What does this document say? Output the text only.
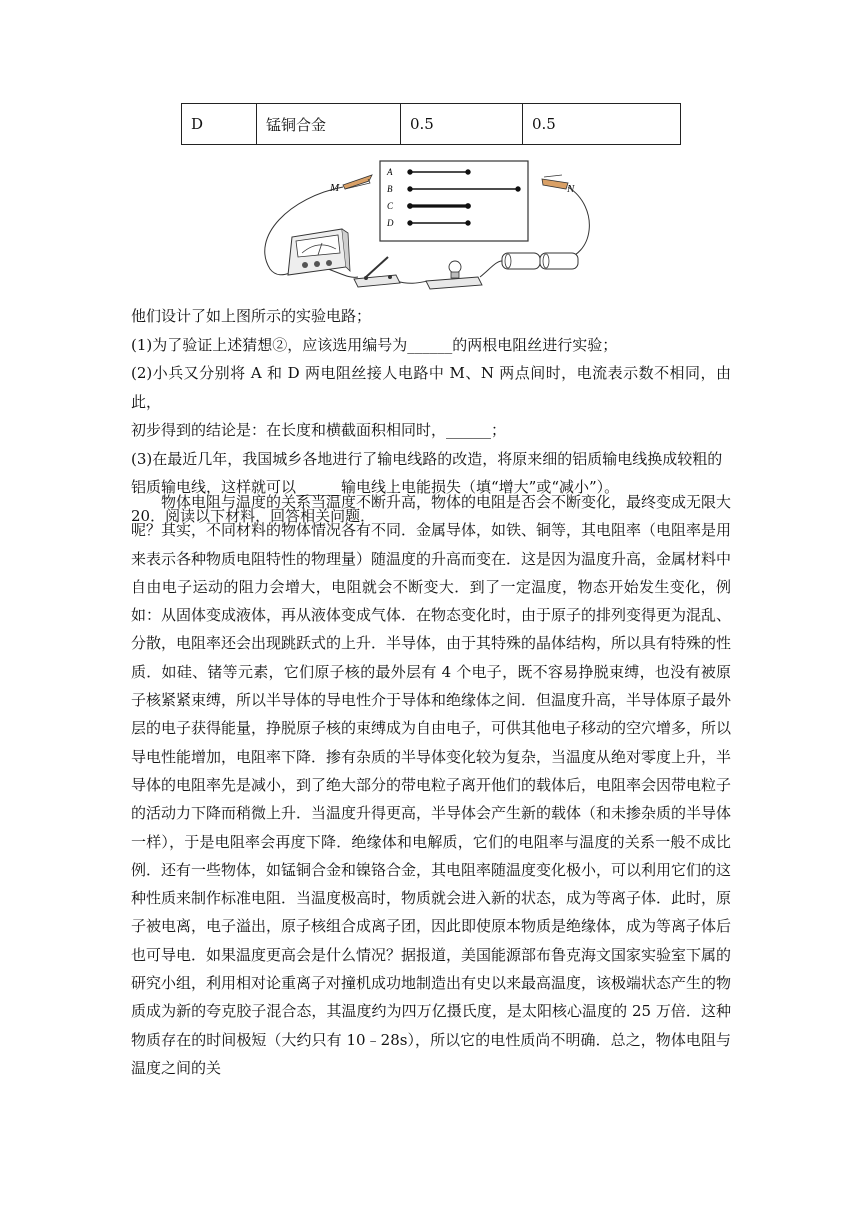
D	锰铜合金	0.5	0.5
A
B
C
D
M	N

他们设计了如上图所示的实验电路；

(1)为了验证上述猜想②，应该选用编号为______的两根电阻丝进行实验；

(2)小兵又分别将 A 和 D 两电阻丝接人电路中 M、N 两点间时，电流表示数不相同，由此，

初步得到的结论是：在长度和横截面积相同时，______；

(3)在最近几年，我国城乡各地进行了输电线路的改造，将原来细的铝质输电线换成较粗的

铝质输电线，这样就可以______输电线上电能损失（填“增大”或“减小”）。

20．阅读以下材料，回答相关问题．

物体电阻与温度的关系当温度不断升高，物体的电阻是否会不断变化，最终变成无限大呢？其实，不同材料的物体情况各有不同．金属导体，如铁、铜等，其电阻率（电阻率是用来表示各种物质电阻特性的物理量）随温度的升高而变在．这是因为温度升高，金属材料中自由电子运动的阻力会增大，电阻就会不断变大．到了一定温度，物态开始发生变化，例如：从固体变成液体，再从液体变成气体．在物态变化时，由于原子的排列变得更为混乱、分散，电阻率还会出现跳跃式的上升．半导体，由于其特殊的晶体结构，所以具有特殊的性质．如硅、锗等元素，它们原子核的最外层有 4 个电子，既不容易挣脱束缚，也没有被原子核紧紧束缚，所以半导体的导电性介于导体和绝缘体之间．但温度升高，半导体原子最外层的电子获得能量，挣脱原子核的束缚成为自由电子，可供其他电子移动的空穴增多，所以导电性能增加，电阻率下降．掺有杂质的半导体变化较为复杂，当温度从绝对零度上升，半导体的电阻率先是减小，到了绝大部分的带电粒子离开他们的载体后，电阻率会因带电粒子的活动力下降而稍微上升．当温度升得更高，半导体会产生新的载体（和未掺杂质的半导体一样），于是电阻率会再度下降．绝缘体和电解质，它们的电阻率与温度的关系一般不成比例．还有一些物体，如锰铜合金和镍铬合金，其电阻率随温度变化极小，可以利用它们的这种性质来制作标准电阻．当温度极高时，物质就会进入新的状态，成为等离子体．此时，原子被电离，电子溢出，原子核组合成离子团，因此即使原本物质是绝缘体，成为等离子体后也可导电．如果温度更高会是什么情况？据报道，美国能源部布鲁克海文国家实验室下属的研究小组，利用相对论重离子对撞机成功地制造出有史以来最高温度，该极端状态产生的物质成为新的夸克胶子混合态，其温度约为四万亿摄氏度，是太阳核心温度的 25 万倍．这种物质存在的时间极短（大约只有 10﹣28s），所以它的电性质尚不明确．总之，物体电阻与温度之间的关
